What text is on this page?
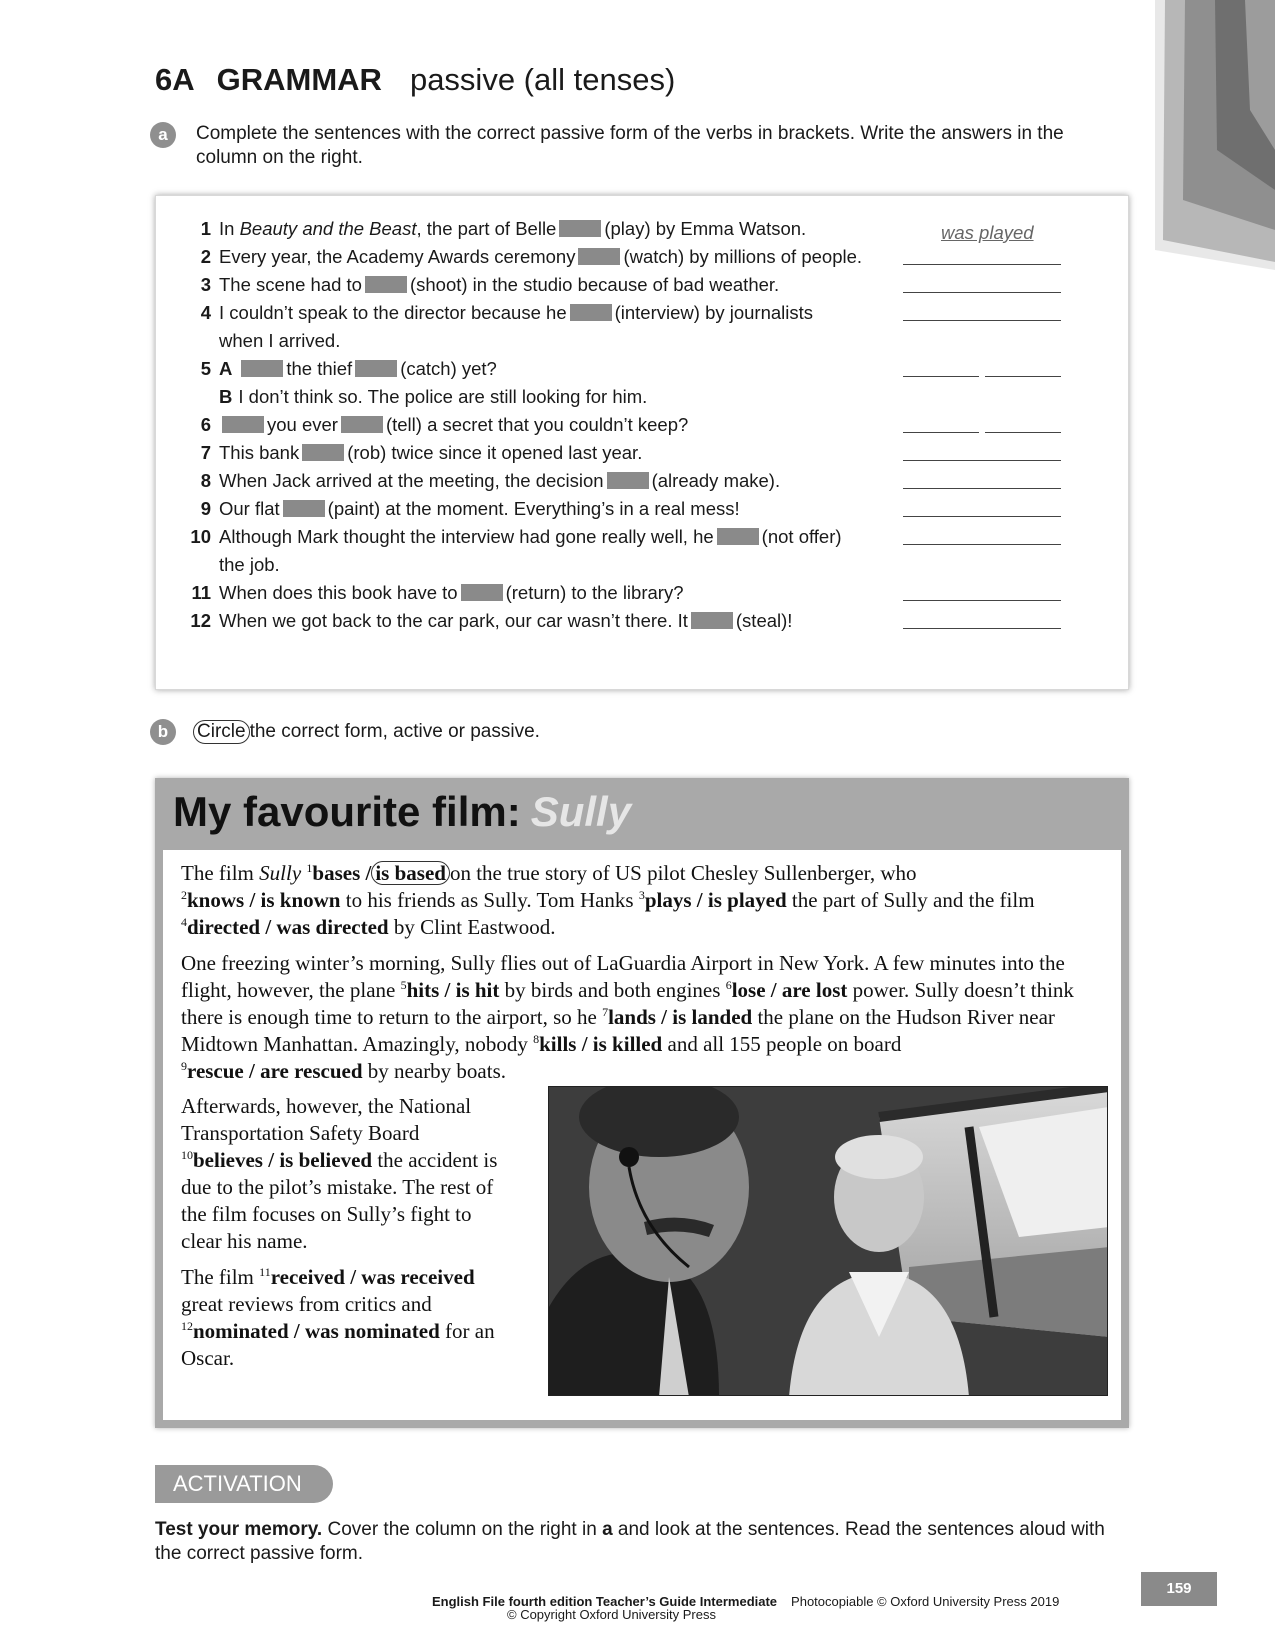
6A GRAMMAR passive (all tenses)
a	Complete the sentences with the correct passive form of the verbs in brackets. Write the answers in the column on the right.
1 In Beauty and the Beast, the part of Belle	(play) by Emma Watson.	was played
2 Every year, the Academy Awards ceremony	(watch) by millions of people.
3 The scene had to	(shoot) in the studio because of bad weather.
4 I couldn’t speak to the director because he	(interview) by journalists
when I arrived.
5 A	the thief	(catch) yet?
B I don’t think so. The police are still looking for him.
6	you ever	(tell) a secret that you couldn’t keep?
7 This bank	(rob) twice since it opened last year.
8 When Jack arrived at the meeting, the decision	(already make).
9 Our flat	(paint) at the moment. Everything’s in a real mess!
10 Although Mark thought the interview had gone really well, he	(not offer)
the job.
11 When does this book have to	(return) to the library?
12 When we got back to the car park, our car wasn’t there. It	(steal)!
b	Circle the correct form, active or passive.
My favourite film: Sully

The film Sully $^1$bases / is based on the true story of US pilot Chesley Sullenberger, who
$^2$knows / is known to his friends as Sully. Tom Hanks $^3$plays / is played the part of Sully and the film
$^4$directed / was directed by Clint Eastwood.

One freezing winter’s morning, Sully flies out of LaGuardia Airport in New York. A few minutes into the flight, however, the plane $^5$hits / is hit by birds and both engines $^6$lose / are lost power. Sully doesn’t think there is enough time to return to the airport, so he $^7$lands / is landed the plane on the Hudson River near Midtown Manhattan. Amazingly, nobody $^8$kills / is killed and all 155 people on board
$^9$rescue / are rescued by nearby boats.

Afterwards, however, the National Transportation Safety Board
$^{10}$believes / is believed the accident is due to the pilot’s mistake. The rest of the film focuses on Sully’s fight to clear his name.

The film $^{11}$received / was received great reviews from critics and
$^{12}$nominated / was nominated for an Oscar.

ACTIVATION
Test your memory. Cover the column on the right in a and look at the sentences. Read the sentences aloud with the correct passive form.
English File fourth edition Teacher’s Guide Intermediate Photocopiable © Oxford University Press 2019
© Copyright Oxford University Press
159
